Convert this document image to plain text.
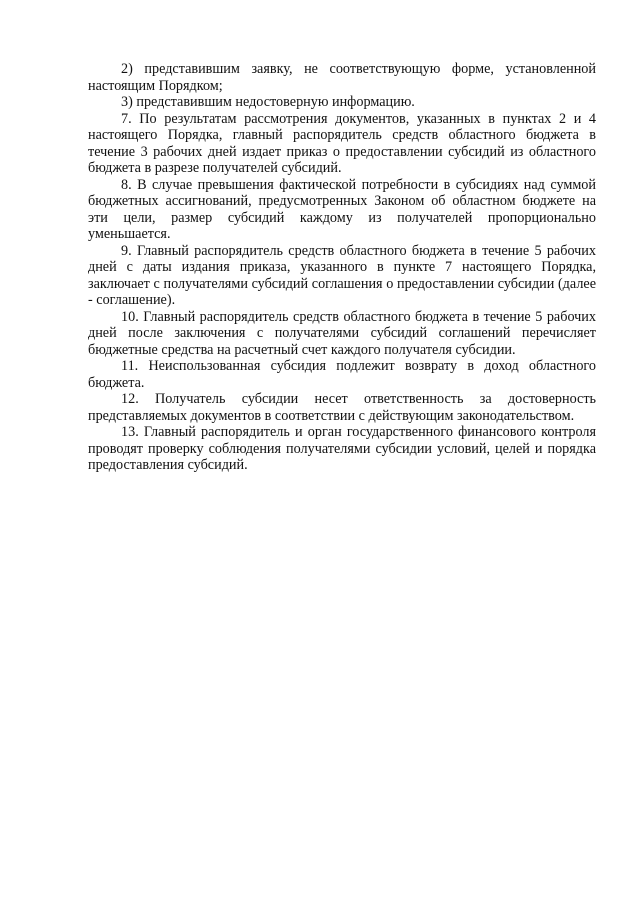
2) представившим заявку, не соответствующую форме, установленной настоящим Порядком;

3) представившим недостоверную информацию.

7. По результатам рассмотрения документов, указанных в пунктах 2 и 4 настоящего Порядка, главный распорядитель средств областного бюджета в течение 3 рабочих дней издает приказ о предоставлении субсидий из областного бюджета в разрезе получателей субсидий.

8. В случае превышения фактической потребности в субсидиях над суммой бюджетных ассигнований, предусмотренных Законом об областном бюджете на эти цели, размер субсидий каждому из получателей пропорционально уменьшается.

9. Главный распорядитель средств областного бюджета в течение 5 рабочих дней с даты издания приказа, указанного в пункте 7 настоящего Порядка, заключает с получателями субсидий соглашения о предоставлении субсидии (далее - соглашение).

10. Главный распорядитель средств областного бюджета в течение 5 рабочих дней после заключения с получателями субсидий соглашений перечисляет бюджетные средства на расчетный счет каждого получателя субсидии.

11. Неиспользованная субсидия подлежит возврату в доход областного бюджета.

12. Получатель субсидии несет ответственность за достоверность представляемых документов в соответствии с действующим законодательством.

13. Главный распорядитель и орган государственного финансового контроля проводят проверку соблюдения получателями субсидии условий, целей и порядка предоставления субсидий.
